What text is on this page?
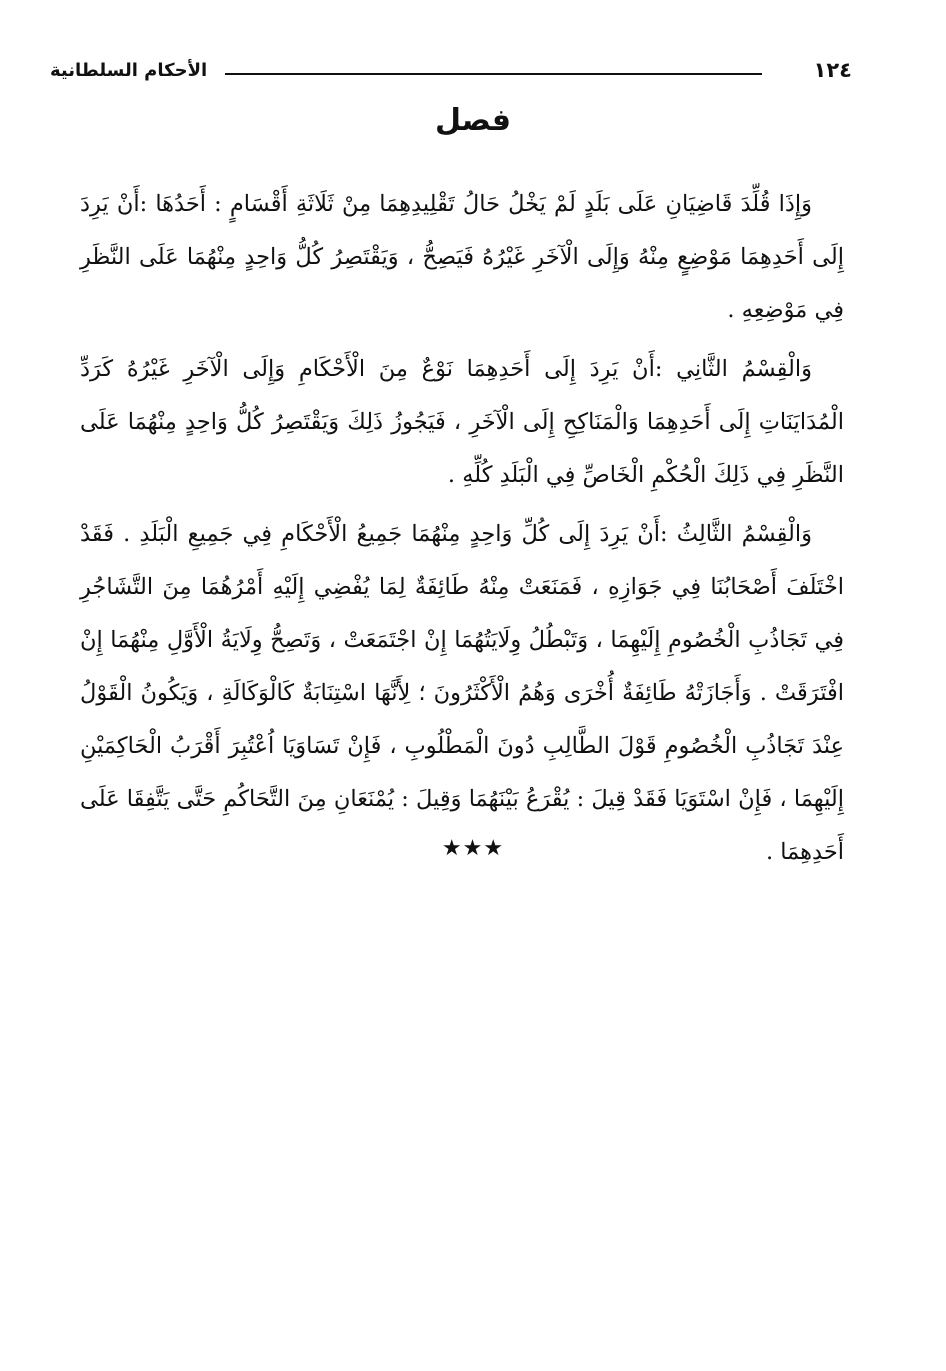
الأحكام السلطانية	١٢٤
فصل

وَإِذَا قُلِّدَ قَاضِيَانِ عَلَى بَلَدٍ لَمْ يَخْلُ حَالُ تَقْلِيدِهِمَا مِنْ ثَلَاثَةِ أَقْسَامٍ : أَحَدُهَا :أَنْ يَرِدَ إِلَى أَحَدِهِمَا مَوْضِعٍ مِنْهُ وَإِلَى الْآخَرِ غَيْرُهُ فَيَصِحُّ ، وَيَقْتَصِرُ كُلُّ وَاحِدٍ مِنْهُمَا عَلَى النَّظَرِ فِي مَوْضِعِهِ .

وَالْقِسْمُ الثَّانِي :أَنْ يَرِدَ إِلَى أَحَدِهِمَا نَوْعٌ مِنَ الْأَحْكَامِ وَإِلَى الْآخَرِ غَيْرُهُ كَرَدِّ الْمُدَايَنَاتِ إِلَى أَحَدِهِمَا وَالْمَنَاكِحِ إِلَى الْآخَرِ ، فَيَجُوزُ ذَلِكَ وَيَقْتَصِرُ كُلُّ وَاحِدٍ مِنْهُمَا عَلَى النَّظَرِ فِي ذَلِكَ الْحُكْمِ الْخَاصِّ فِي الْبَلَدِ كُلِّهِ .

وَالْقِسْمُ الثَّالِثُ :أَنْ يَرِدَ إِلَى كُلِّ وَاحِدٍ مِنْهُمَا جَمِيعُ الْأَحْكَامِ فِي جَمِيعِ الْبَلَدِ . فَقَدْ اخْتَلَفَ أَصْحَابُنَا فِي جَوَازِهِ ، فَمَنَعَتْ مِنْهُ طَائِفَةٌ لِمَا يُفْضِي إِلَيْهِ أَمْرُهُمَا مِنَ التَّشَاجُرِ فِي تَجَاذُبِ الْخُصُومِ إِلَيْهِمَا ، وَتَبْطُلُ وِلَايَتُهُمَا إِنْ اجْتَمَعَتْ ، وَتَصِحُّ وِلَايَةُ الْأَوَّلِ مِنْهُمَا إِنْ افْتَرَقَتْ . وَأَجَازَتْهُ طَائِفَةٌ أُخْرَى وَهُمُ الْأَكْثَرُونَ ؛ لِأَنَّهَا اسْتِنَابَةٌ كَالْوَكَالَةِ ، وَيَكُونُ الْقَوْلُ عِنْدَ تَجَاذُبِ الْخُصُومِ قَوْلَ الطَّالِبِ دُونَ الْمَطْلُوبِ ، فَإِنْ تَسَاوَيَا اُعْتُبِرَ أَقْرَبُ الْحَاكِمَيْنِ إِلَيْهِمَا ، فَإِنْ اسْتَوَيَا فَقَدْ قِيلَ : يُقْرَعُ بَيْنَهُمَا وَقِيلَ : يُمْنَعَانِ مِنَ التَّحَاكُمِ حَتَّى يَتَّفِقَا عَلَى أَحَدِهِمَا .

★★★
